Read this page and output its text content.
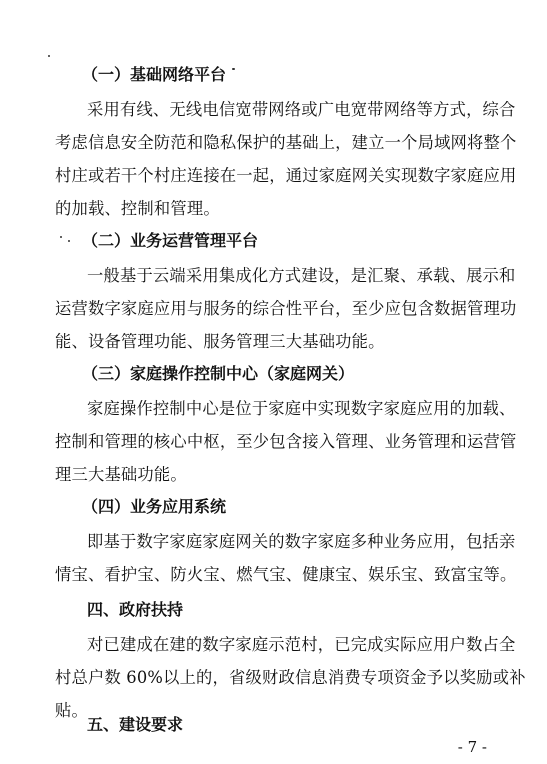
（一）基础网络平台
采用有线、无线电信宽带网络或广电宽带网络等方式，综合
考虑信息安全防范和隐私保护的基础上，建立一个局域网将整个
村庄或若干个村庄连接在一起，通过家庭网关实现数字家庭应用
的加载、控制和管理。
（二）业务运营管理平台
一般基于云端采用集成化方式建设，是汇聚、承载、展示和
运营数字家庭应用与服务的综合性平台，至少应包含数据管理功
能、设备管理功能、服务管理三大基础功能。
（三）家庭操作控制中心（家庭网关）
家庭操作控制中心是位于家庭中实现数字家庭应用的加载、
控制和管理的核心中枢，至少包含接入管理、业务管理和运营管
理三大基础功能。
（四）业务应用系统
即基于数字家庭家庭网关的数字家庭多种业务应用，包括亲
情宝、看护宝、防火宝、燃气宝、健康宝、娱乐宝、致富宝等。
四、政府扶持
对已建成在建的数字家庭示范村，已完成实际应用户数占全
村总户数 60%以上的，省级财政信息消费专项资金予以奖励或补
贴。
五、建设要求
- 7 -
